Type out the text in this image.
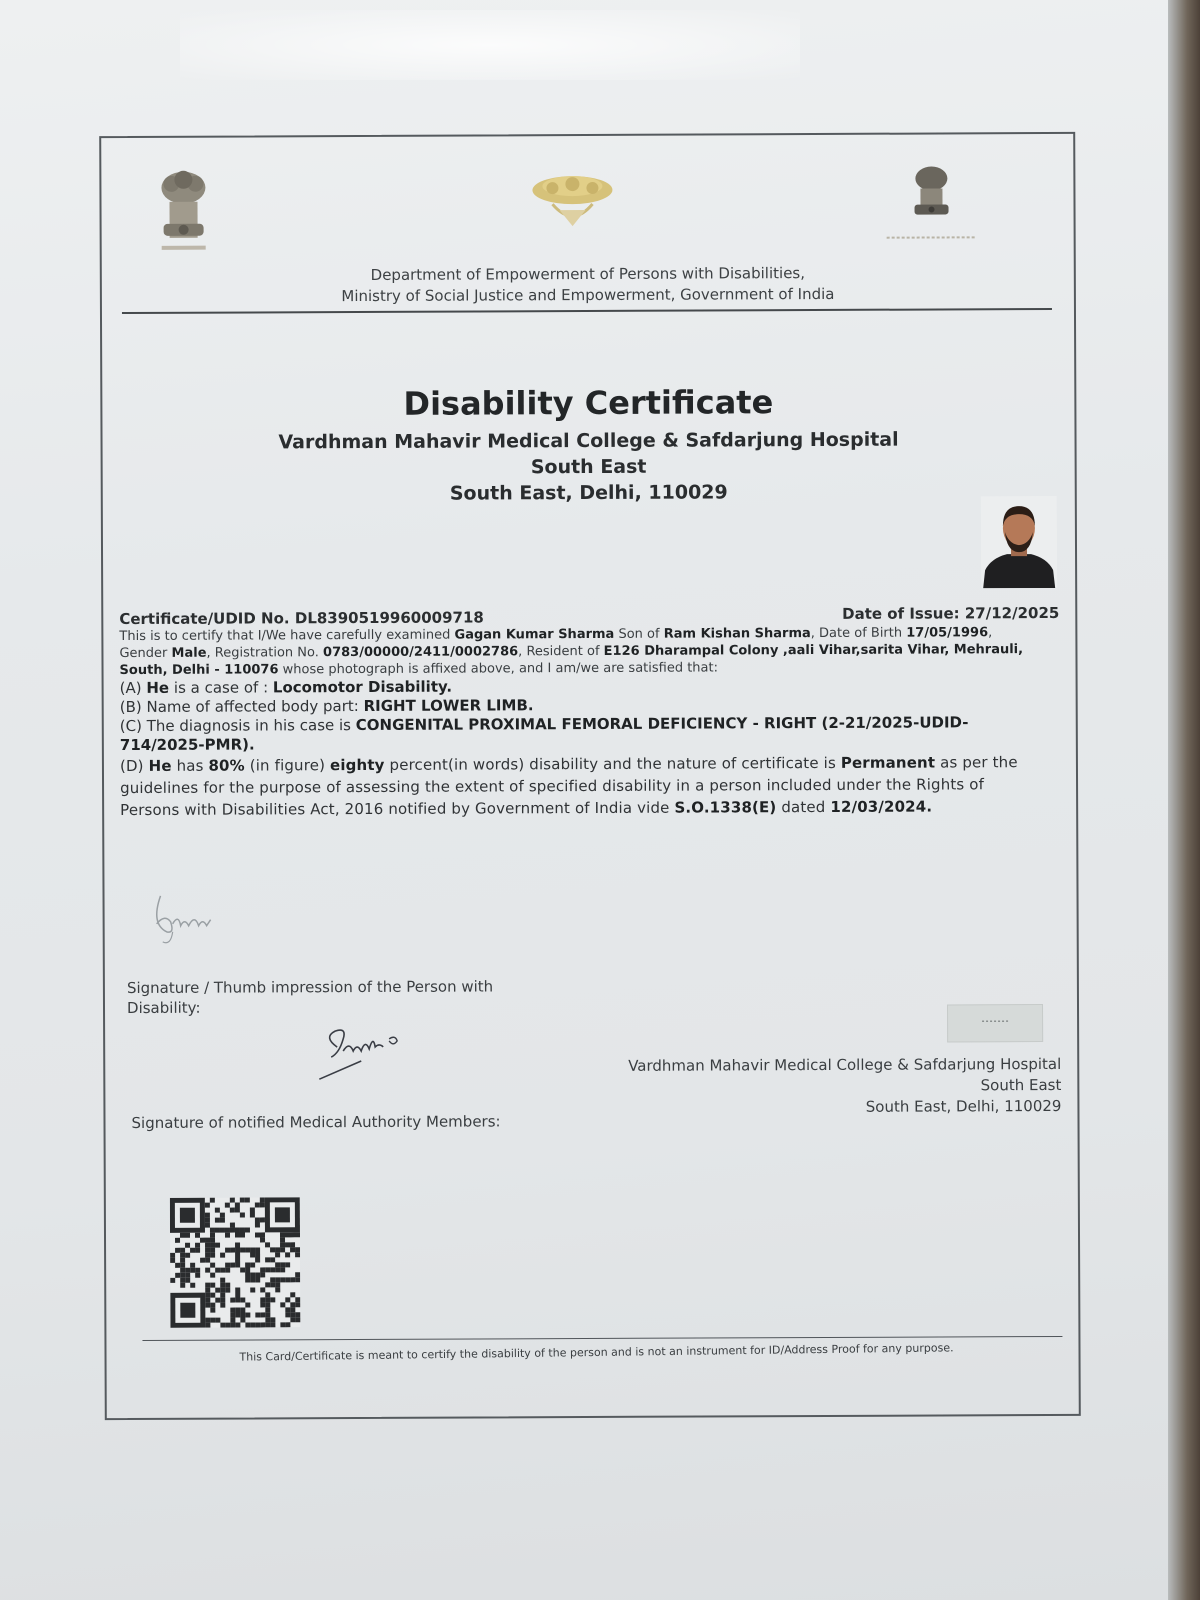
Department of Empowerment of Persons with Disabilities,
Ministry of Social Justice and Empowerment, Government of India
Disability Certificate
Vardhman Mahavir Medical College & Safdarjung Hospital
South East
South East, Delhi, 110029
Certificate/UDID No. DL8390519960009718	Date of Issue: 27/12/2025
This is to certify that I/We have carefully examined Gagan Kumar Sharma Son of Ram Kishan Sharma, Date of Birth 17/05/1996, Gender Male, Registration No. 0783/00000/2411/0002786, Resident of E126 Dharampal Colony ,aali Vihar,sarita Vihar, Mehrauli, South, Delhi - 110076 whose photograph is affixed above, and I am/we are satisfied that:
(A) He is a case of : Locomotor Disability.
(B) Name of affected body part: RIGHT LOWER LIMB.
(C) The diagnosis in his case is CONGENITAL PROXIMAL FEMORAL DEFICIENCY - RIGHT (2-21/2025-UDID-714/2025-PMR).
(D) He has 80% (in figure) eighty percent(in words) disability and the nature of certificate is Permanent as per the guidelines for the purpose of assessing the extent of specified disability in a person included under the Rights of Persons with Disabilities Act, 2016 notified by Government of India vide S.O.1338(E) dated 12/03/2024.
Signature / Thumb impression of the Person with Disability:
Signature of notified Medical Authority Members:
Vardhman Mahavir Medical College & Safdarjung Hospital
South East
South East, Delhi, 110029
This Card/Certificate is meant to certify the disability of the person and is not an instrument for ID/Address Proof for any purpose.
